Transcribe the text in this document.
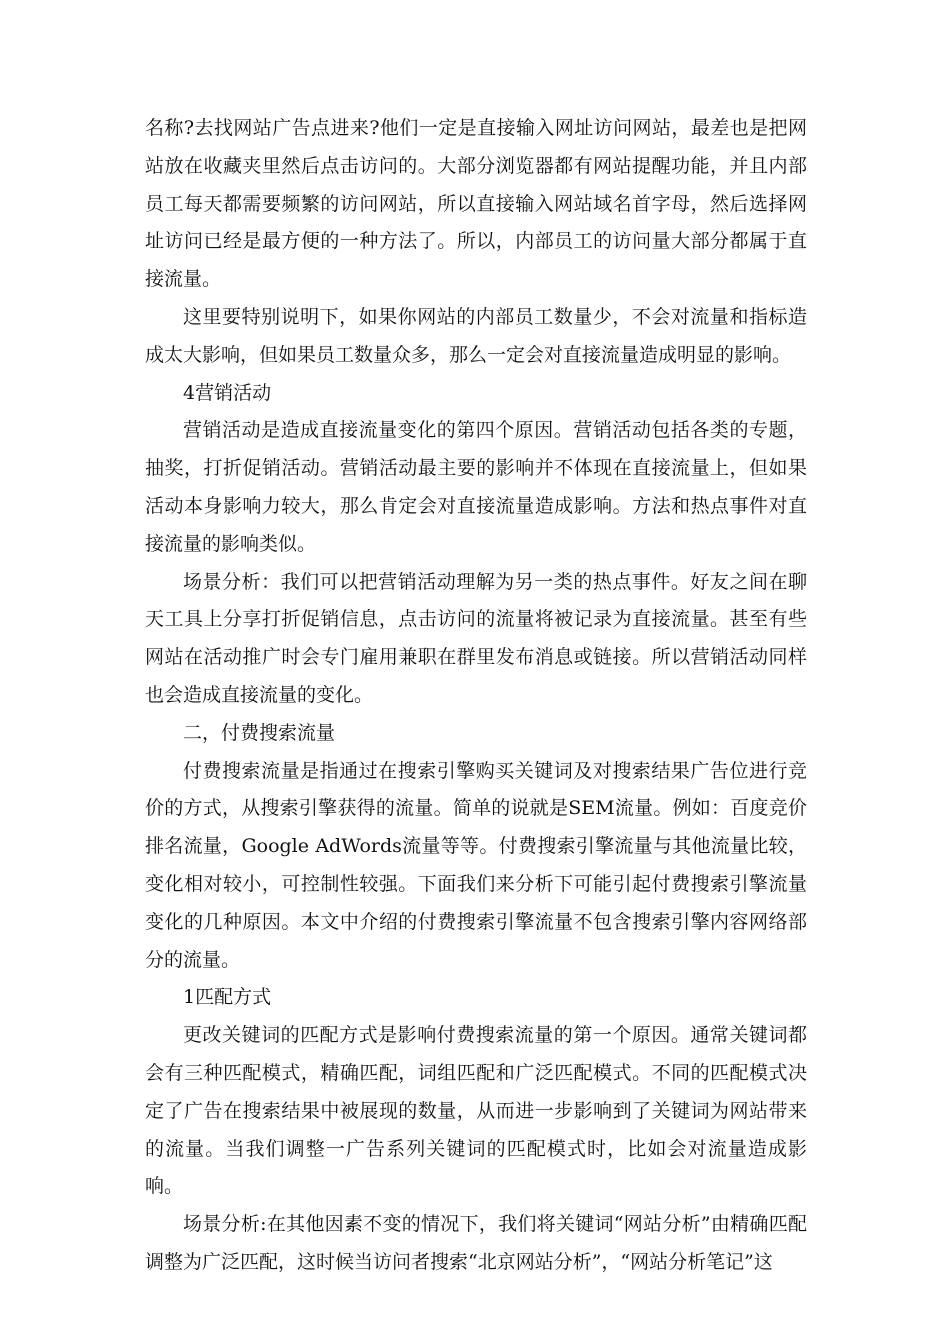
名称?去找网站广告点进来?他们一定是直接输入网址访问网站，最差也是把网站放在收藏夹里然后点击访问的。大部分浏览器都有网站提醒功能，并且内部员工每天都需要频繁的访问网站，所以直接输入网站域名首字母，然后选择网址访问已经是最方便的一种方法了。所以，内部员工的访问量大部分都属于直接流量。

这里要特别说明下，如果你网站的内部员工数量少，不会对流量和指标造成太大影响，但如果员工数量众多，那么一定会对直接流量造成明显的影响。

4营销活动

营销活动是造成直接流量变化的第四个原因。营销活动包括各类的专题，抽奖，打折促销活动。营销活动最主要的影响并不体现在直接流量上，但如果活动本身影响力较大，那么肯定会对直接流量造成影响。方法和热点事件对直接流量的影响类似。

场景分析：我们可以把营销活动理解为另一类的热点事件。好友之间在聊天工具上分享打折促销信息，点击访问的流量将被记录为直接流量。甚至有些网站在活动推广时会专门雇用兼职在群里发布消息或链接。所以营销活动同样也会造成直接流量的变化。

二，付费搜索流量

付费搜索流量是指通过在搜索引擎购买关键词及对搜索结果广告位进行竞价的方式，从搜索引擎获得的流量。简单的说就是SEM流量。例如：百度竞价排名流量，Google AdWords流量等等。付费搜索引擎流量与其他流量比较，变化相对较小，可控制性较强。下面我们来分析下可能引起付费搜索引擎流量变化的几种原因。本文中介绍的付费搜索引擎流量不包含搜索引擎内容网络部分的流量。

1匹配方式

更改关键词的匹配方式是影响付费搜索流量的第一个原因。通常关键词都会有三种匹配模式，精确匹配，词组匹配和广泛匹配模式。不同的匹配模式决定了广告在搜索结果中被展现的数量，从而进一步影响到了关键词为网站带来的流量。当我们调整一广告系列关键词的匹配模式时，比如会对流量造成影响。

场景分析:在其他因素不变的情况下，我们将关键词“网站分析”由精确匹配调整为广泛匹配，这时候当访问者搜索“北京网站分析”，“网站分析笔记”这
